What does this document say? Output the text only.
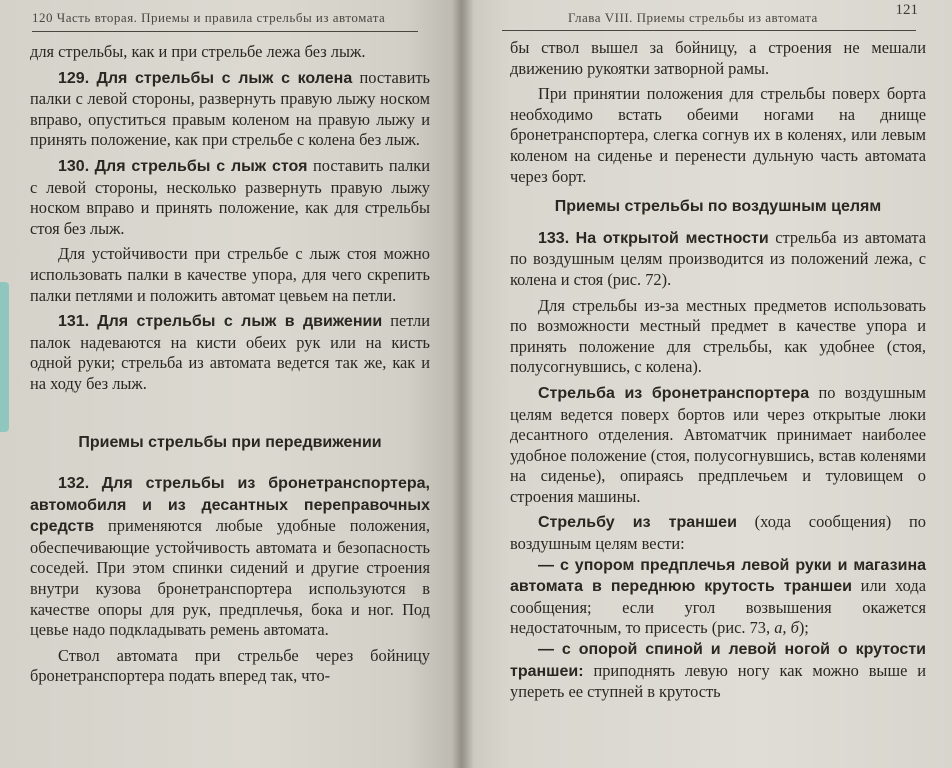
120 Часть вторая. Приемы и правила стрельбы из автомата

для стрельбы, как и при стрельбе лежа без лыж.

129. Для стрельбы с лыж с колена поставить палки с левой стороны, развернуть правую лыжу носком вправо, опуститься правым коленом на правую лыжу и принять положение, как при стрельбе с колена без лыж.

130. Для стрельбы с лыж стоя поставить палки с левой стороны, несколько развернуть правую лыжу носком вправо и принять положение, как для стрельбы стоя без лыж.

Для устойчивости при стрельбе с лыж стоя можно использовать палки в качестве упора, для чего скрепить палки петлями и положить автомат цевьем на петли.

131. Для стрельбы с лыж в движении петли палок надеваются на кисти обеих рук или на кисть одной руки; стрельба из автомата ведется так же, как и на ходу без лыж.

Приемы стрельбы при передвижении

132. Для стрельбы из бронетранспортера, автомобиля и из десантных переправочных средств применяются любые удобные положения, обеспечивающие устойчивость автомата и безопасность соседей. При этом спинки сидений и другие строения внутри кузова бронетранспортера используются в качестве опоры для рук, предплечья, бока и ног. Под цевье надо подкладывать ремень автомата.

Ствол автомата при стрельбе через бойницу бронетранспортера подать вперед так, что-

Глава VIII. Приемы стрельбы из автомата	121

бы ствол вышел за бойницу, а строения не мешали движению рукоятки затворной рамы.

При принятии положения для стрельбы поверх борта необходимо встать обеими ногами на днище бронетранспортера, слегка согнув их в коленях, или левым коленом на сиденье и перенести дульную часть автомата через борт.

Приемы стрельбы по воздушным целям

133. На открытой местности стрельба из автомата по воздушным целям производится из положений лежа, с колена и стоя (рис. 72).

Для стрельбы из-за местных предметов использовать по возможности местный предмет в качестве упора и принять положение для стрельбы, как удобнее (стоя, полусогнувшись, с колена).

Стрельба из бронетранспортера по воздушным целям ведется поверх бортов или через открытые люки десантного отделения. Автоматчик принимает наиболее удобное положение (стоя, полусогнувшись, встав коленями на сиденье), опираясь предплечьем и туловищем о строения машины.

Стрельбу из траншеи (хода сообщения) по воздушным целям вести:

— с упором предплечья левой руки и магазина автомата в переднюю крутость траншеи или хода сообщения; если угол возвышения окажется недостаточным, то присесть (рис. 73, а, б);

— с опорой спиной и левой ногой о крутости траншеи: приподнять левую ногу как можно выше и упереть ее ступней в крутость
